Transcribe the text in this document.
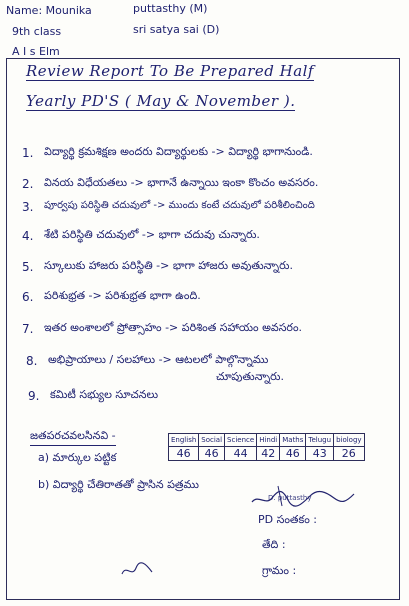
Name: Mounika
9th class
A I s Elm
puttasthy (M)
sri satya sai (D)
Review Report To Be Prepared Half
Yearly PD'S ( May & November ).
1. విద్యార్థి క్రమశిక్షణ అందరు విద్యార్థులకు -> విద్యార్థి భాగానుండి.
2. వినయ విధేయతలు -> భాగానే ఉన్నాయి ఇంకా కొంచం అవసరం.
3. పూర్వపు పరిస్థితి చదువులో -> ముందు కంటే చదువులో పరిశీలించింది
4. శేటి పరిస్థితి చదువులో -> భాగా చదువు చున్నారు.
5. స్కూలుకు హాజరు పరిస్థితి -> భాగా హాజరు అవుతున్నారు.
6. పరిశుభ్రత -> పరిశుభ్రత భాగా ఉంది.
7. ఇతర అంశాలలో ప్రోత్సాహం -> పరిశింత సహాయం అవసరం.
8. అభిప్రాయాలు / సలహాలు -> ఆటలలో పాల్గొన్నాము
చూపుతున్నారు.
9. కమిటీ సభ్యుల సూచనలు
జతపరచవలసినవి -
a) మార్కుల పట్టిక
b) విద్యార్థి చేతిరాతతో ప్రాసిన పత్రము
English	Social	Science	Hindi	Maths	Telugu	biology
46	46	44	42	46	43	26
D. puttasthy
PD సంతకం :
తేది :
గ్రామం :
